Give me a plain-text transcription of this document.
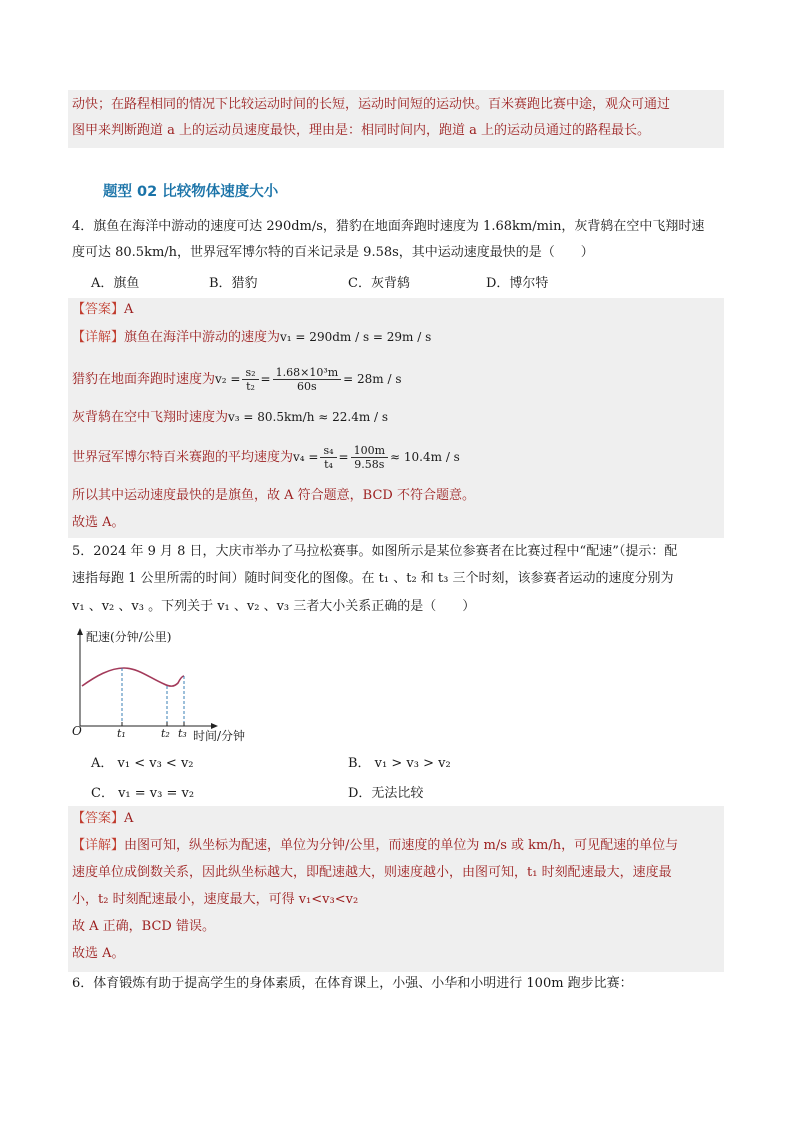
动快；在路程相同的情况下比较运动时间的长短，运动时间短的运动快。百米赛跑比赛中途，观众可通过
图甲来判断跑道 a 上的运动员速度最快，理由是：相同时间内，跑道 a 上的运动员通过的路程最长。
题型 02 比较物体速度大小
4．旗鱼在海洋中游动的速度可达 290dm/s，猎豹在地面奔跑时速度为 1.68km/min，灰背鸫在空中飞翔时速
度可达 80.5km/h，世界冠军博尔特的百米记录是 9.58s，其中运动速度最快的是（　　）
A．旗鱼	B．猎豹	C．灰背鸫	D．博尔特
【答案】A
【详解】旗鱼在海洋中游动的速度为v₁ = 290dm / s = 29m / s
猎豹在地面奔跑时速度为$v_2 = \frac{\text{s₂}}{\text{t₂}} = \frac{\text{1.68×10³m}}{60s} = 28m / s$
灰背鸫在空中飞翔时速度为v₃ = 80.5km/h ≈ 22.4m / s
世界冠军博尔特百米赛跑的平均速度为$v_4 = \frac{\text{s₄}}{\text{t₄}} = \frac{100m}{9.58s} \approx 10.4m / s$
所以其中运动速度最快的是旗鱼，故 A 符合题意，BCD 不符合题意。
故选 A。
5．2024 年 9 月 8 日，大庆市举办了马拉松赛事。如图所示是某位参赛者在比赛过程中“配速”（提示：配
速指每跑 1 公里所需的时间）随时间变化的图像。在 t₁ 、t₂ 和 t₃ 三个时刻，该参赛者运动的速度分别为
v₁ 、v₂ 、v₃ 。下列关于 v₁ 、v₂ 、v₃ 三者大小关系正确的是（　　）
配速(分钟/公里)
O	t₁	t₂ t₃ 时间/分钟
A． v₁ < v₃ < v₂	B． v₁ > v₃ > v₂
C． v₁ = v₃ = v₂	D．无法比较
【答案】A
【详解】由图可知，纵坐标为配速，单位为分钟/公里，而速度的单位为 m/s 或 km/h，可见配速的单位与
速度单位成倒数关系，因此纵坐标越大，即配速越大，则速度越小，由图可知，t₁ 时刻配速最大，速度最
小，t₂ 时刻配速最小，速度最大，可得 v₁<v₃<v₂
故 A 正确，BCD 错误。
故选 A。
6．体育锻炼有助于提高学生的身体素质，在体育课上，小强、小华和小明进行 100m 跑步比赛：
